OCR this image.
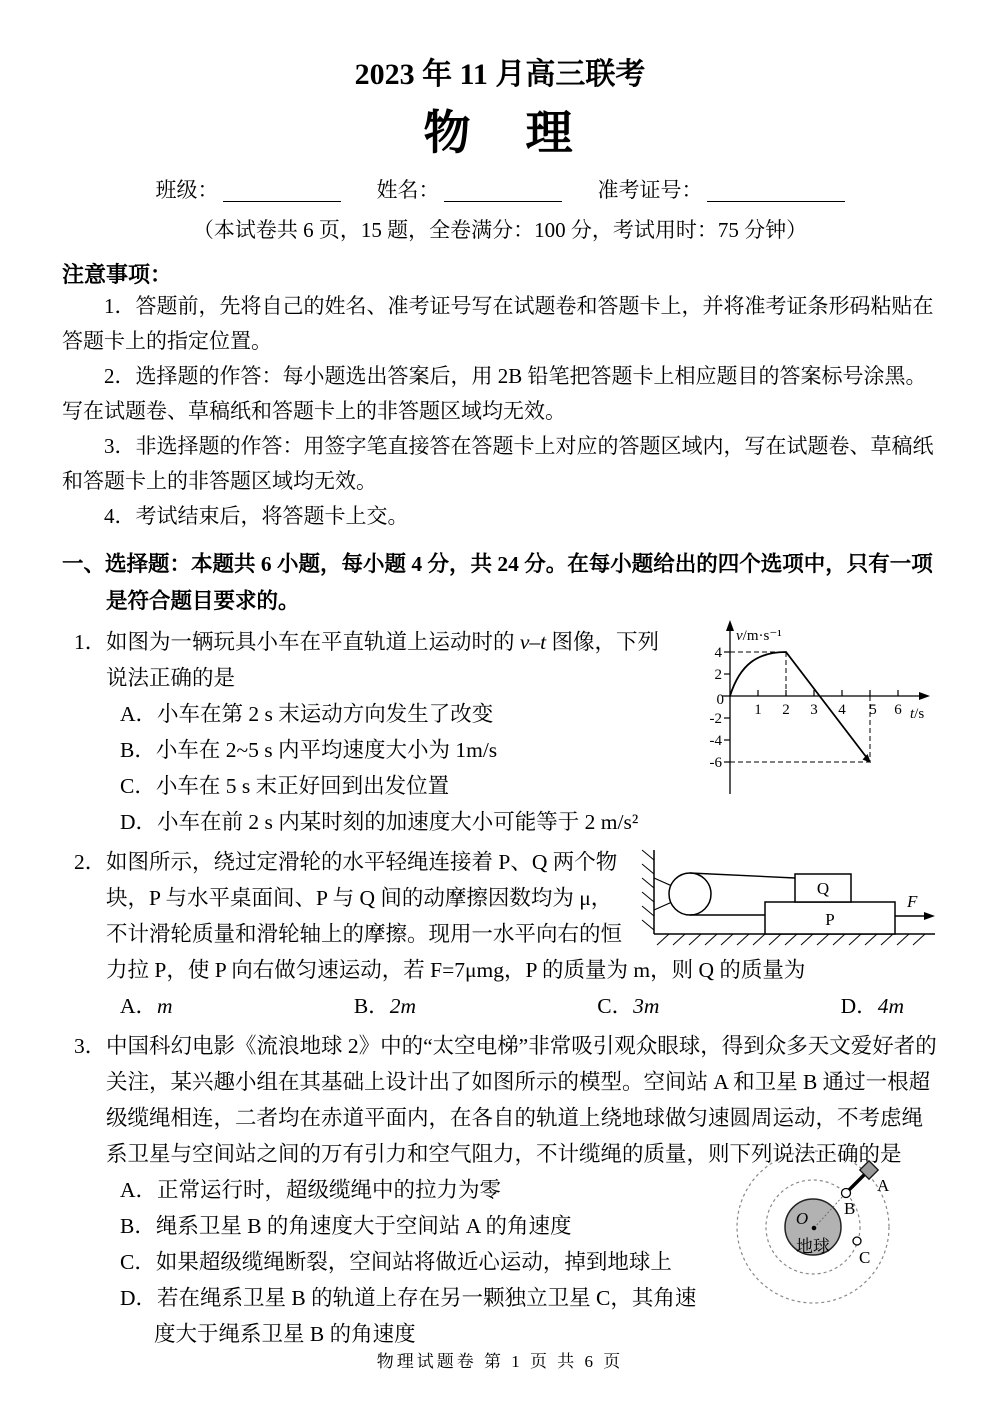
2023 年 11 月高三联考
物　理
班级：	姓名：	准考证号：
（本试卷共 6 页，15 题，全卷满分：100 分，考试用时：75 分钟）
注意事项：

1．答题前，先将自己的姓名、准考证号写在试题卷和答题卡上，并将准考证条形码粘贴在答题卡上的指定位置。

2．选择题的作答：每小题选出答案后，用 2B 铅笔把答题卡上相应题目的答案标号涂黑。写在试题卷、草稿纸和答题卡上的非答题区域均无效。

3．非选择题的作答：用签字笔直接答在答题卡上对应的答题区域内，写在试题卷、草稿纸和答题卡上的非答题区域均无效。

4．考试结束后，将答题卡上交。

一、选择题：本题共 6 小题，每小题 4 分，共 24 分。在每小题给出的四个选项中，只有一项是符合题目要求的。
v/m·s⁻¹
t/s
4
2
0
-2
-4
-6
1 2 3 4 5 6
1． 如图为一辆玩具小车在平直轨道上运动时的 v–t 图像，下列说法正确的是
A．小车在第 2 s 末运动方向发生了改变
B．小车在 2~5 s 内平均速度大小为 1m/s
C．小车在 5 s 末正好回到出发位置
D．小车在前 2 s 内某时刻的加速度大小可能等于 2 m/s²
Q
P
F
2． 如图所示，绕过定滑轮的水平轻绳连接着 P、Q 两个物块，P 与水平桌面间、P 与 Q 间的动摩擦因数均为 μ，不计滑轮质量和滑轮轴上的摩擦。现用一水平向右的恒力拉 P，使 P 向右做匀速运动，若 F=7μmg，P 的质量为 m，则 Q 的质量为
A．m	B．2m	C．3m	D．4m
3． 中国科幻电影《流浪地球 2》中的“太空电梯”非常吸引观众眼球，得到众多天文爱好者的关注，某兴趣小组在其基础上设计出了如图所示的模型。空间站 A 和卫星 B 通过一根超级缆绳相连，二者均在赤道平面内，在各自的轨道上绕地球做匀速圆周运动，不考虑绳系卫星与空间站之间的万有引力和空气阻力，不计缆绳的质量，则下列说法正确的是
O
地球
A
B
C
A．正常运行时，超级缆绳中的拉力为零
B．绳系卫星 B 的角速度大于空间站 A 的角速度
C．如果超级缆绳断裂，空间站将做近心运动，掉到地球上
D．若在绳系卫星 B 的轨道上存在另一颗独立卫星 C，其角速度大于绳系卫星 B 的角速度
物理试题卷 第 1 页 共 6 页
